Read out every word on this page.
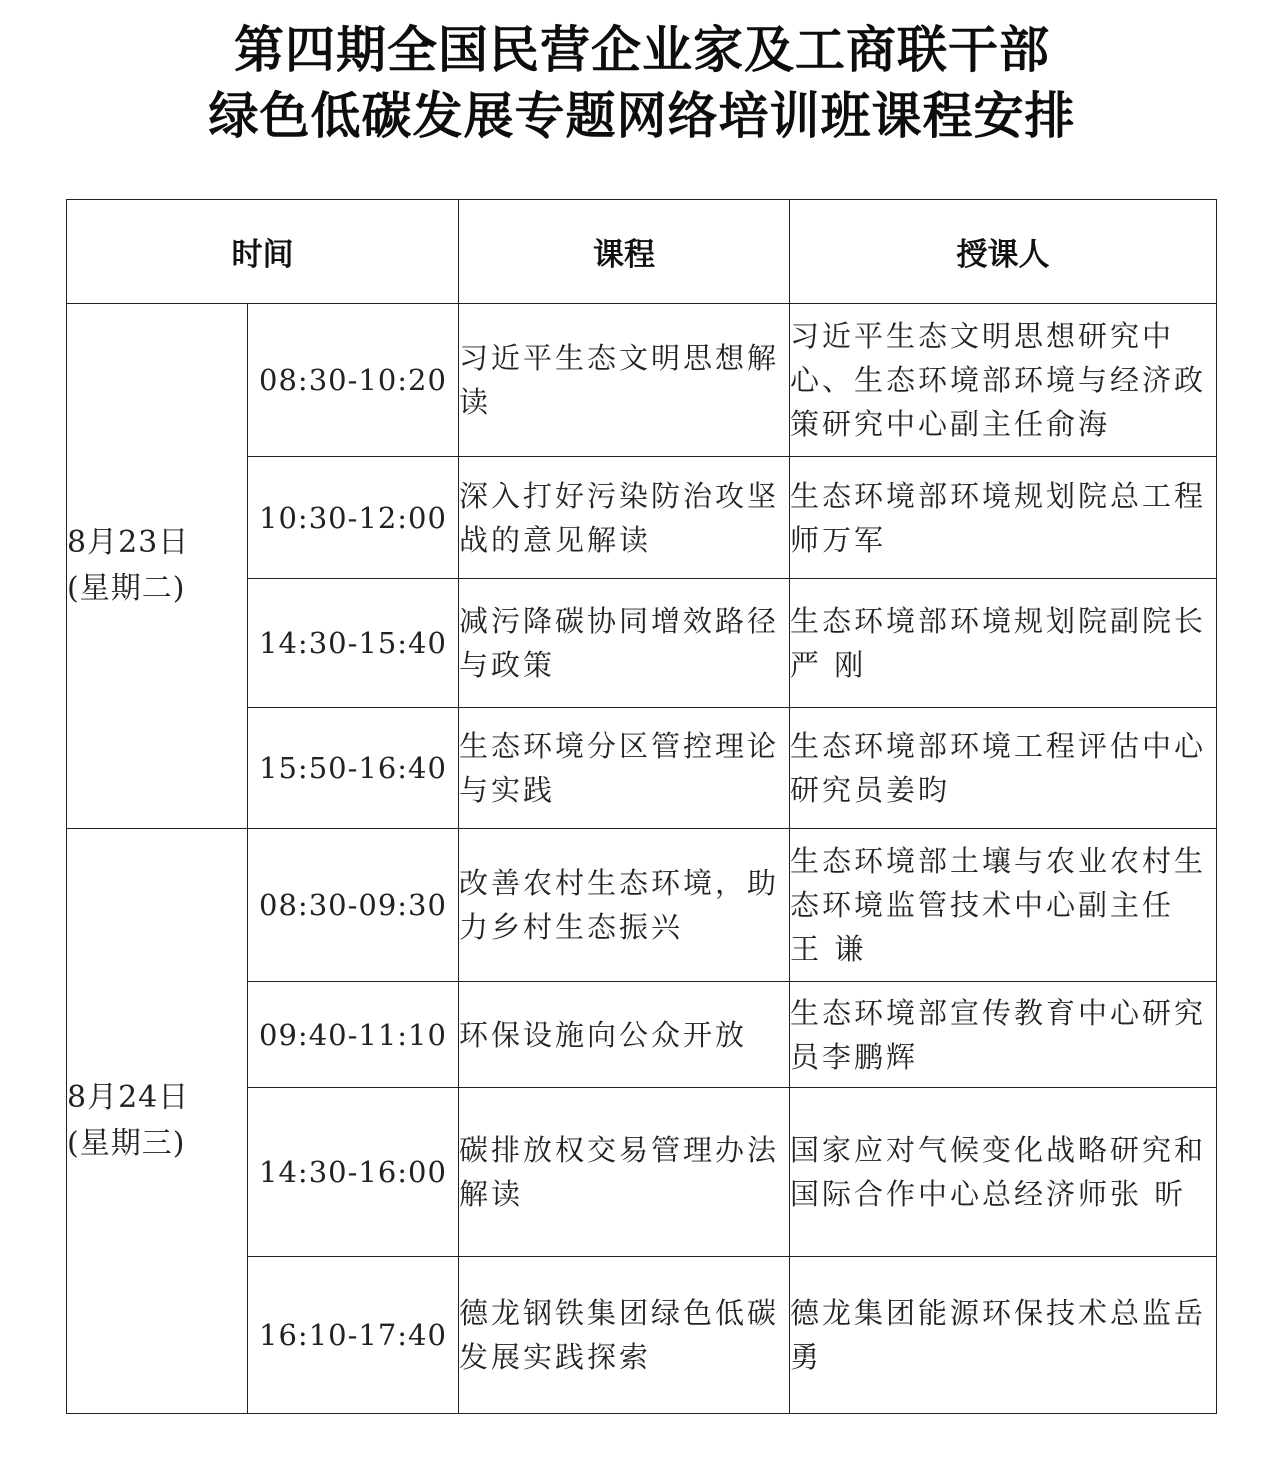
第四期全国民营企业家及工商联干部
绿色低碳发展专题网络培训班课程安排
时间		课程	授课人

8月23日
(星期二)	08:30-10:20	习近平生态文明思想解读	习近平生态文明思想研究中心、生态环境部环境与经济政策研究中心副主任俞海
	10:30-12:00	深入打好污染防治攻坚战的意见解读	生态环境部环境规划院总工程师万军
	14:30-15:40	减污降碳协同增效路径与政策	生态环境部环境规划院副院长 严 刚
	15:50-16:40	生态环境分区管控理论与实践	生态环境部环境工程评估中心研究员姜昀

8月24日
(星期三)	08:30-09:30	改善农村生态环境，助力乡村生态振兴	生态环境部土壤与农业农村生态环境监管技术中心副主任 王 谦
	09:40-11:10	环保设施向公众开放	生态环境部宣传教育中心研究员李鹏辉
	14:30-16:00	碳排放权交易管理办法解读	国家应对气候变化战略研究和国际合作中心总经济师张 昕
	16:10-17:40	德龙钢铁集团绿色低碳发展实践探索	德龙集团能源环保技术总监岳 勇
